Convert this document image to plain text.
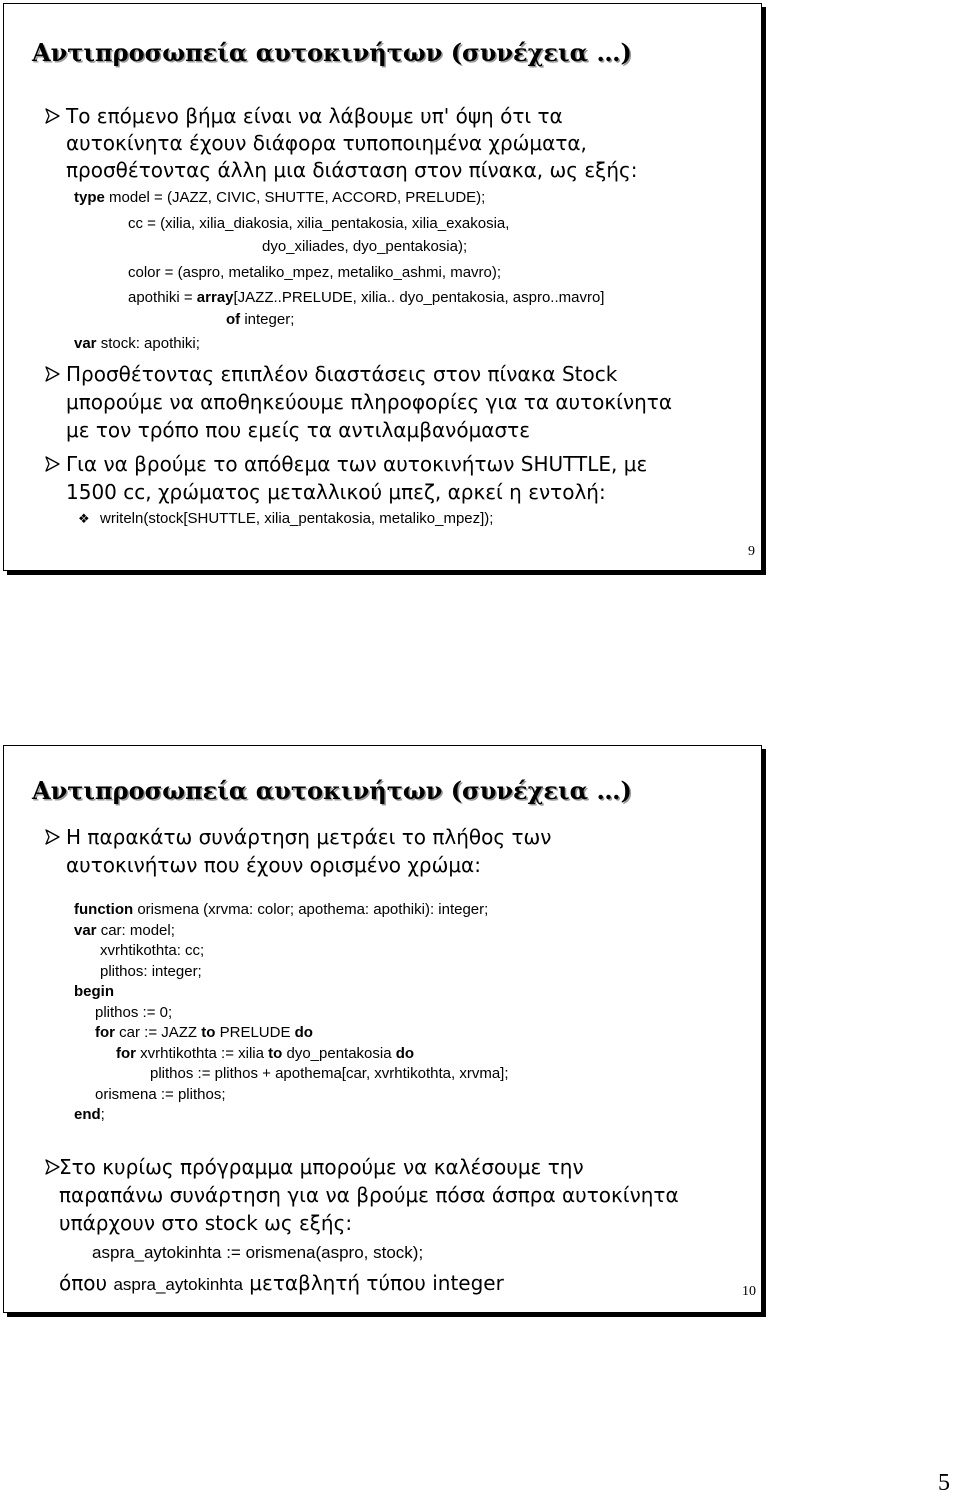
Αντιπροσωπεία αυτοκινήτων (συνέχεια …)
Το επόμενο βήμα είναι να λάβουμε υπ' όψη ότι τα
αυτοκίνητα έχουν διάφορα τυποποιημένα χρώματα,
προσθέτοντας άλλη μια διάσταση στον πίνακα, ως εξής:
type model = (JAZZ, CIVIC, SHUTTE, ACCORD, PRELUDE);
cc = (xilia, xilia_diakosia, xilia_pentakosia, xilia_exakosia,
dyo_xiliades, dyo_pentakosia);
color = (aspro, metaliko_mpez, metaliko_ashmi, mavro);
apothiki = array[JAZZ..PRELUDE, xilia.. dyo_pentakosia, aspro..mavro]
of integer;
var stock: apothiki;
Προσθέτοντας επιπλέον διαστάσεις στον πίνακα Stock
μπορούμε να αποθηκεύουμε πληροφορίες για τα αυτοκίνητα
με τον τρόπο που εμείς τα αντιλαμβανόμαστε
Για να βρούμε το απόθεμα των αυτοκινήτων SHUTTLE, με
1500 cc, χρώματος μεταλλικού μπεζ, αρκεί η εντολή:
❖ writeln(stock[SHUTTLE, xilia_pentakosia, metaliko_mpez]);
9
Αντιπροσωπεία αυτοκινήτων (συνέχεια …)
Η παρακάτω συνάρτηση μετράει το πλήθος των
αυτοκινήτων που έχουν ορισμένο χρώμα:
function orismena (xrvma: color; apothema: apothiki): integer;
var car: model;
xvrhtikothta: cc;
plithos: integer;
begin
plithos := 0;
for car := JAZZ to PRELUDE do
for xvrhtikothta := xilia to dyo_pentakosia do
plithos := plithos + apothema[car, xvrhtikothta, xrvma];
orismena := plithos;
end;
Στο κυρίως πρόγραμμα μπορούμε να καλέσουμε την
παραπάνω συνάρτηση για να βρούμε πόσα άσπρα αυτοκίνητα
υπάρχουν στο stock ως εξής:
aspra_aytokinhta := orismena(aspro, stock);
όπου aspra_aytokinhta μεταβλητή τύπου integer	10
5
